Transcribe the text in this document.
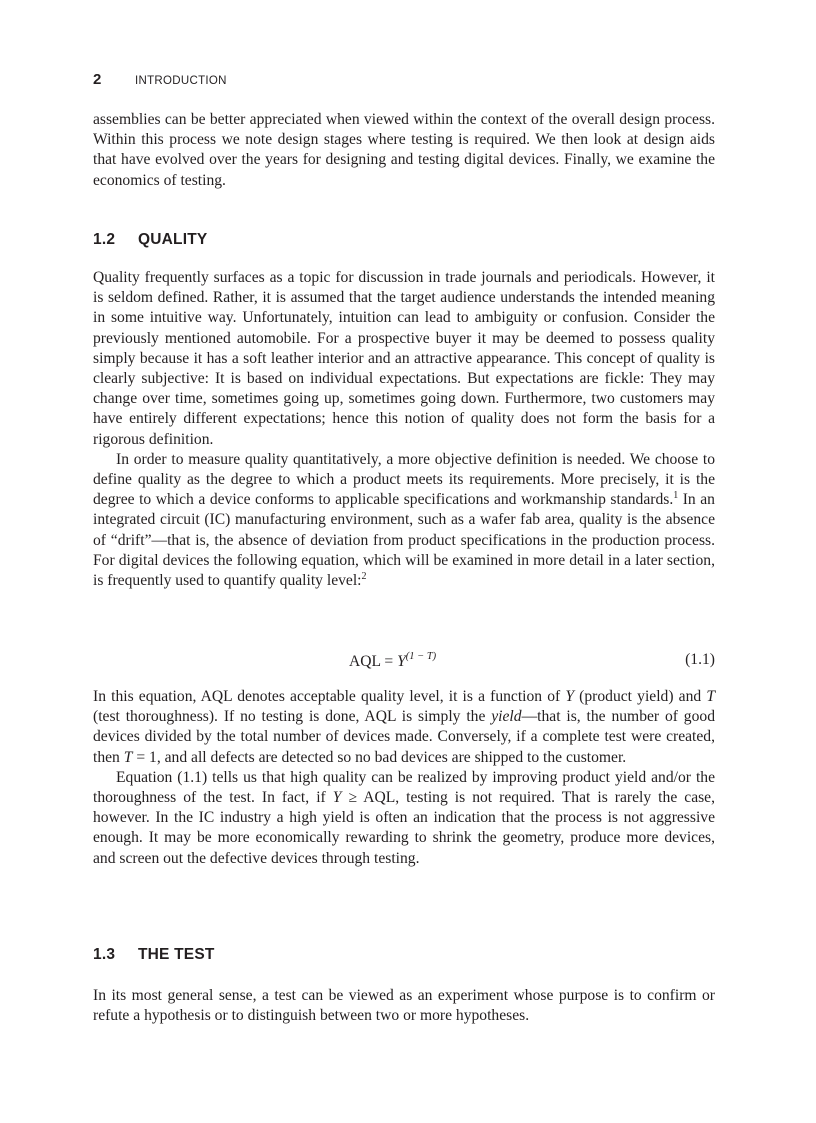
2	INTRODUCTION

assemblies can be better appreciated when viewed within the context of the overall design process. Within this process we note design stages where testing is required. We then look at design aids that have evolved over the years for designing and testing digital devices. Finally, we examine the economics of testing.

1.2 QUALITY

Quality frequently surfaces as a topic for discussion in trade journals and periodicals. However, it is seldom defined. Rather, it is assumed that the target audience understands the intended meaning in some intuitive way. Unfortunately, intuition can lead to ambiguity or confusion. Consider the previously mentioned automobile. For a prospective buyer it may be deemed to possess quality simply because it has a soft leather interior and an attractive appearance. This concept of quality is clearly subjective: It is based on individual expectations. But expectations are fickle: They may change over time, sometimes going up, sometimes going down. Furthermore, two customers may have entirely different expectations; hence this notion of quality does not form the basis for a rigorous definition.

In order to measure quality quantitatively, a more objective definition is needed. We choose to define quality as the degree to which a product meets its requirements. More precisely, it is the degree to which a device conforms to applicable specifications and workmanship standards.$^1$ In an integrated circuit (IC) manufacturing environment, such as a wafer fab area, quality is the absence of “drift”—that is, the absence of deviation from product specifications in the production process. For digital devices the following equation, which will be examined in more detail in a later section, is frequently used to quantify quality level:$^2$

AQL = $Y^{(1 - T)}$	(1.1)

In this equation, AQL denotes acceptable quality level, it is a function of Y (product yield) and T (test thoroughness). If no testing is done, AQL is simply the yield—that is, the number of good devices divided by the total number of devices made. Conversely, if a complete test were created, then T = 1, and all defects are detected so no bad devices are shipped to the customer.

Equation (1.1) tells us that high quality can be realized by improving product yield and/or the thoroughness of the test. In fact, if Y ≥ AQL, testing is not required. That is rarely the case, however. In the IC industry a high yield is often an indication that the process is not aggressive enough. It may be more economically rewarding to shrink the geometry, produce more devices, and screen out the defective devices through testing.

1.3 THE TEST

In its most general sense, a test can be viewed as an experiment whose purpose is to confirm or refute a hypothesis or to distinguish between two or more hypotheses.
